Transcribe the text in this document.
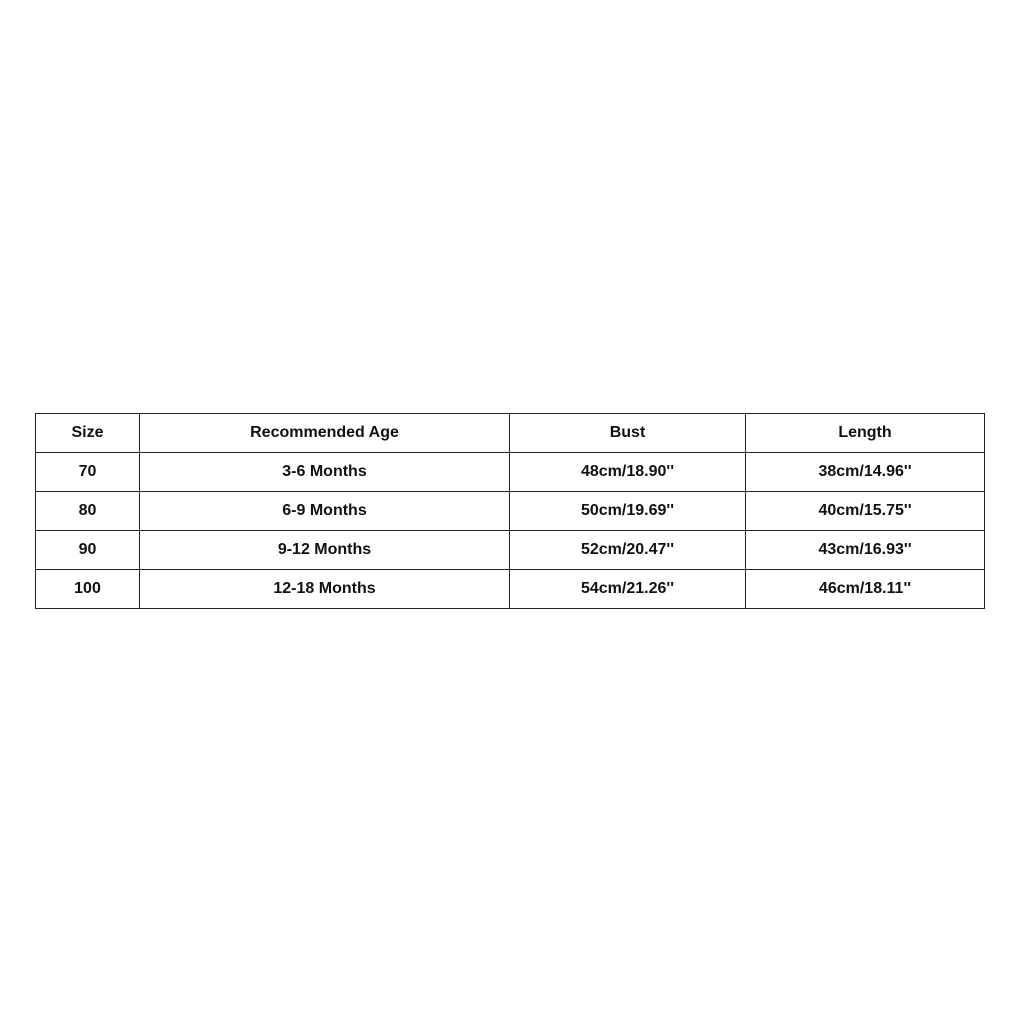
Size	Recommended Age	Bust	Length
70	3-6 Months	48cm/18.90''	38cm/14.96''
80	6-9 Months	50cm/19.69''	40cm/15.75''
90	9-12 Months	52cm/20.47''	43cm/16.93''
100	12-18 Months	54cm/21.26''	46cm/18.11''
